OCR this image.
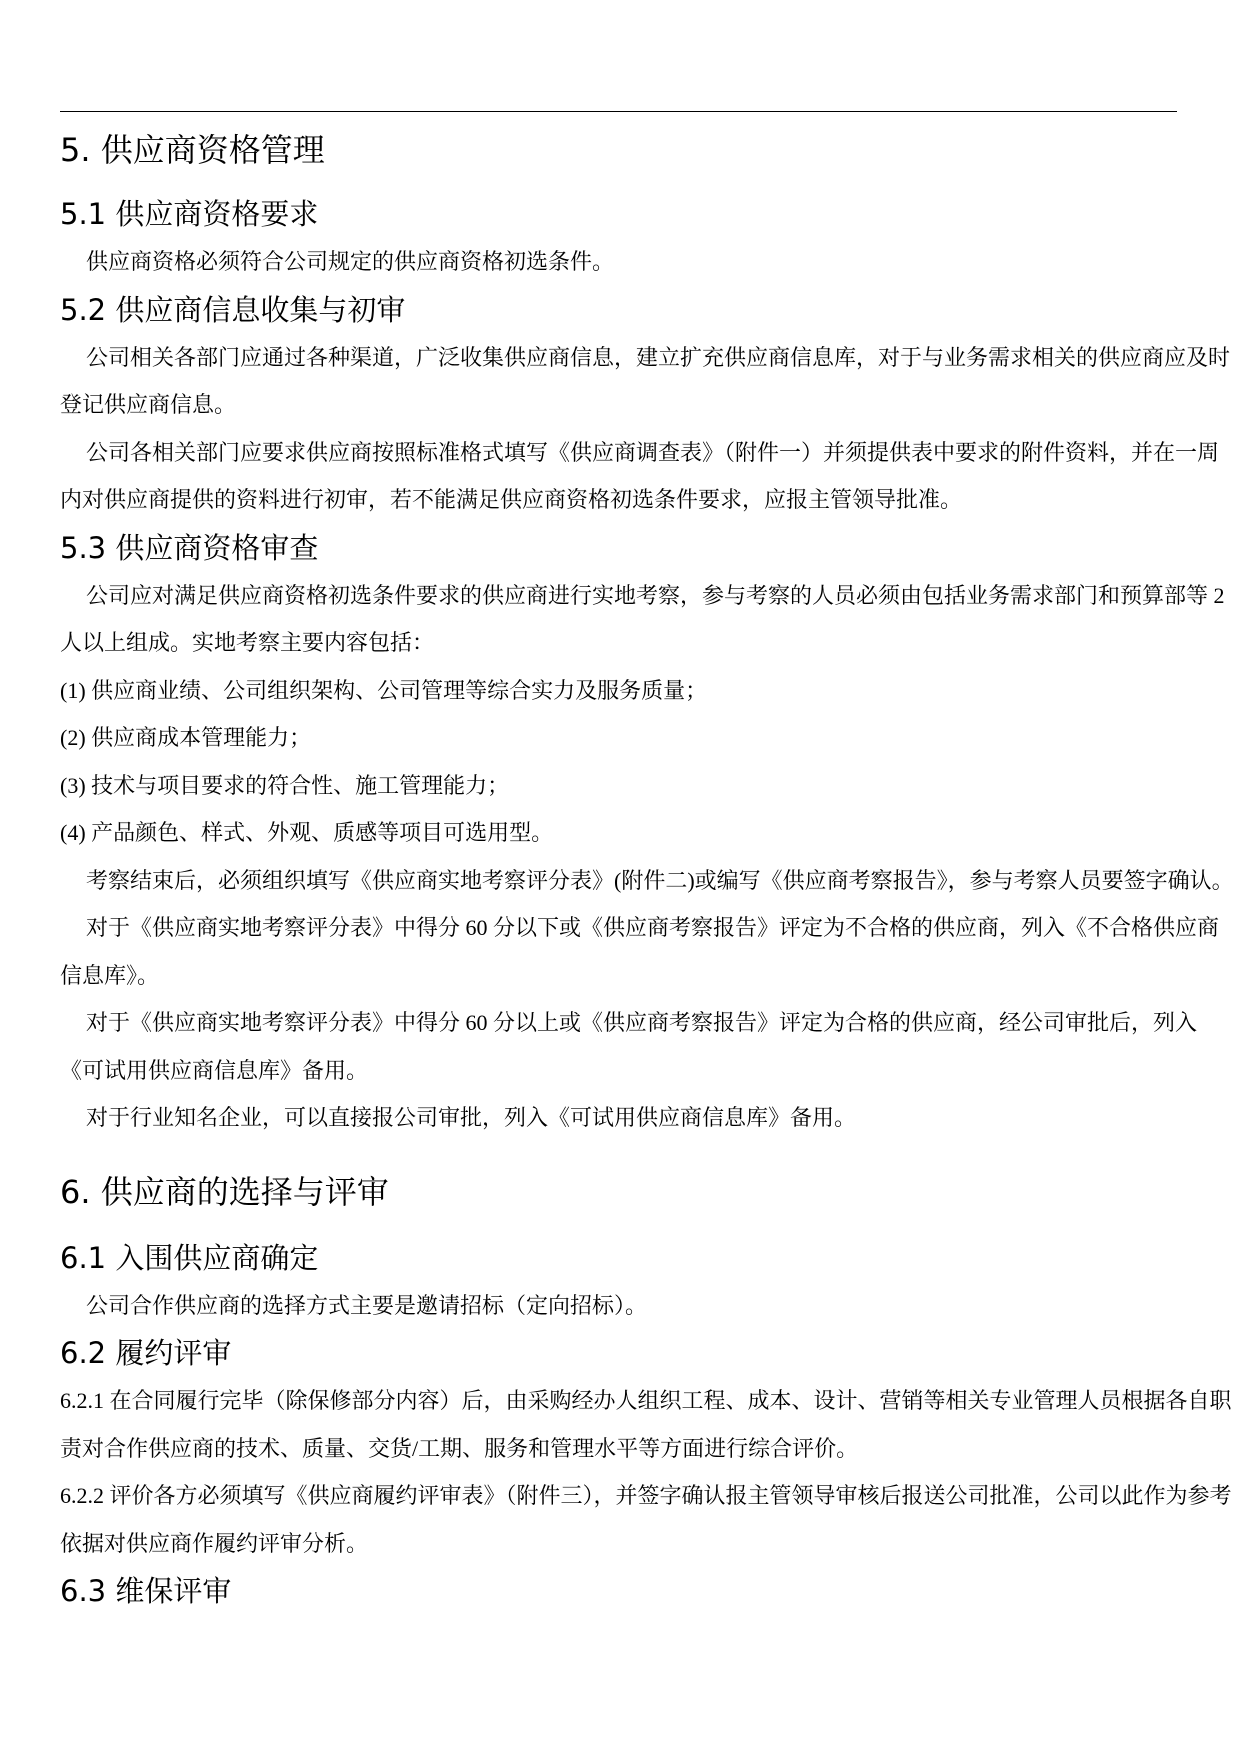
5. 供应商资格管理
5.1 供应商资格要求

供应商资格必须符合公司规定的供应商资格初选条件。

5.2 供应商信息收集与初审

公司相关各部门应通过各种渠道，广泛收集供应商信息，建立扩充供应商信息库，对于与业务需求相关的供应商应及时登记供应商信息。

公司各相关部门应要求供应商按照标准格式填写《供应商调查表》（附件一）并须提供表中要求的附件资料，并在一周内对供应商提供的资料进行初审，若不能满足供应商资格初选条件要求，应报主管领导批准。

5.3 供应商资格审查

公司应对满足供应商资格初选条件要求的供应商进行实地考察，参与考察的人员必须由包括业务需求部门和预算部等 2 人以上组成。实地考察主要内容包括：

(1) 供应商业绩、公司组织架构、公司管理等综合实力及服务质量；

(2) 供应商成本管理能力；

(3) 技术与项目要求的符合性、施工管理能力；

(4) 产品颜色、样式、外观、质感等项目可选用型。

考察结束后，必须组织填写《供应商实地考察评分表》(附件二)或编写《供应商考察报告》，参与考察人员要签字确认。

对于《供应商实地考察评分表》中得分 60 分以下或《供应商考察报告》评定为不合格的供应商，列入《不合格供应商信息库》。

对于《供应商实地考察评分表》中得分 60 分以上或《供应商考察报告》评定为合格的供应商，经公司审批后，列入《可试用供应商信息库》备用。

对于行业知名企业，可以直接报公司审批，列入《可试用供应商信息库》备用。

6. 供应商的选择与评审
6.1 入围供应商确定

公司合作供应商的选择方式主要是邀请招标（定向招标）。

6.2 履约评审

6.2.1 在合同履行完毕（除保修部分内容）后，由采购经办人组织工程、成本、设计、营销等相关专业管理人员根据各自职责对合作供应商的技术、质量、交货/工期、服务和管理水平等方面进行综合评价。

6.2.2 评价各方必须填写《供应商履约评审表》（附件三），并签字确认报主管领导审核后报送公司批准，公司以此作为参考依据对供应商作履约评审分析。

6.3 维保评审
